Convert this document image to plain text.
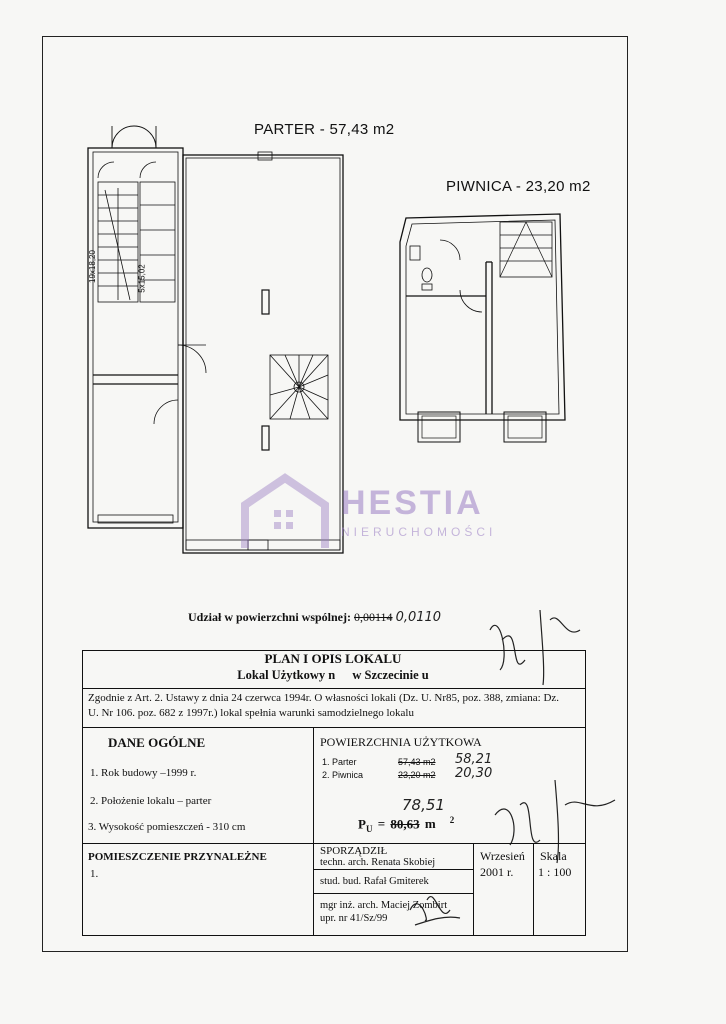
PARTER - 57,43 m2
PIWNICA - 23,20 m2
19x18,20	5x15,02
HESTIA
NIERUCHOMOŚCI
Udział w powierzchni wspólnej: 0,00114 0,0110
PLAN I OPIS LOKALU
Lokal Użytkowy n w Szczecinie u
Zgodnie z Art. 2. Ustawy z dnia 24 czerwca 1994r. O własności lokali (Dz. U. Nr85, poz. 388, zmiana: Dz.
U. Nr 106. poz. 682 z 1997r.) lokal spełnia warunki samodzielnego lokalu
DANE OGÓLNE
1. Rok budowy –1999 r.
2. Położenie lokalu – parter
3. Wysokość pomieszczeń - 310 cm
POWIERZCHNIA UŻYTKOWA
1. Parter	57,43 m2 58,21
2. Piwnica	23,20 m2 20,30
78,51
$P_U = 80,63$ m $^2$
POMIESZCZENIE PRZYNALEŻNE
1.
SPORZĄDZIŁ
techn. arch. Renata Skobiej
stud. bud. Rafał Gmiterek
mgr inż. arch. Maciej Zombirt
upr. nr 41/Sz/99
Wrzesień
2001 r.
Skala
1 : 100
